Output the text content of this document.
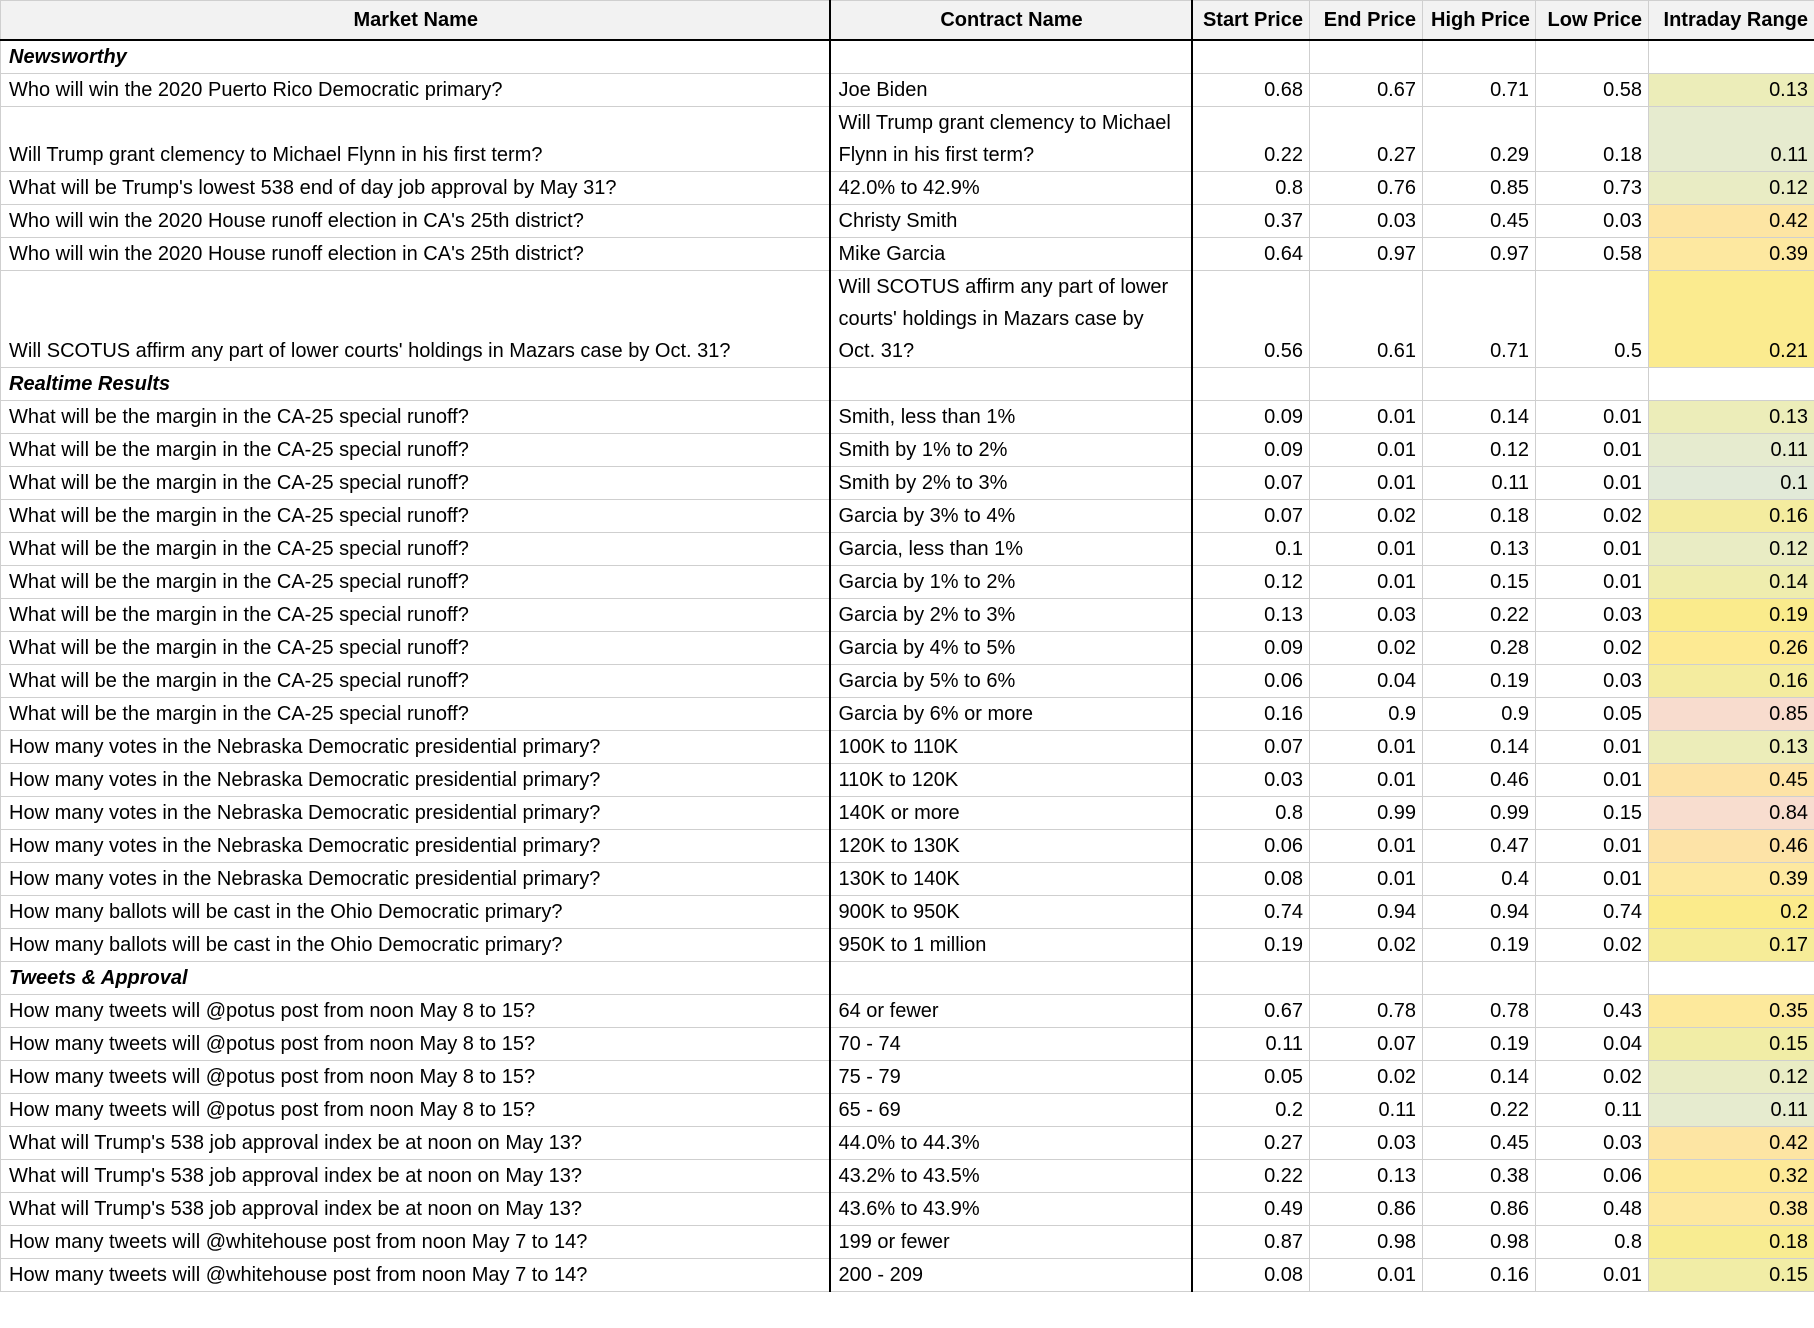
Market Name	Contract Name	Start Price	End Price	High Price	Low Price	Intraday Range
Newsworthy						
Who will win the 2020 Puerto Rico Democratic primary?	Joe Biden	0.68	0.67	0.71	0.58	0.13
Will Trump grant clemency to Michael Flynn in his first term?	Will Trump grant clemency to Michael Flynn in his first term?	0.22	0.27	0.29	0.18	0.11
What will be Trump's lowest 538 end of day job approval by May 31?	42.0% to 42.9%	0.8	0.76	0.85	0.73	0.12
Who will win the 2020 House runoff election in CA's 25th district?	Christy Smith	0.37	0.03	0.45	0.03	0.42
Who will win the 2020 House runoff election in CA's 25th district?	Mike Garcia	0.64	0.97	0.97	0.58	0.39
Will SCOTUS affirm any part of lower courts' holdings in Mazars case by Oct. 31?	Will SCOTUS affirm any part of lower courts' holdings in Mazars case by Oct. 31?	0.56	0.61	0.71	0.5	0.21
Realtime Results						
What will be the margin in the CA-25 special runoff?	Smith, less than 1%	0.09	0.01	0.14	0.01	0.13
What will be the margin in the CA-25 special runoff?	Smith by 1% to 2%	0.09	0.01	0.12	0.01	0.11
What will be the margin in the CA-25 special runoff?	Smith by 2% to 3%	0.07	0.01	0.11	0.01	0.1
What will be the margin in the CA-25 special runoff?	Garcia by 3% to 4%	0.07	0.02	0.18	0.02	0.16
What will be the margin in the CA-25 special runoff?	Garcia, less than 1%	0.1	0.01	0.13	0.01	0.12
What will be the margin in the CA-25 special runoff?	Garcia by 1% to 2%	0.12	0.01	0.15	0.01	0.14
What will be the margin in the CA-25 special runoff?	Garcia by 2% to 3%	0.13	0.03	0.22	0.03	0.19
What will be the margin in the CA-25 special runoff?	Garcia by 4% to 5%	0.09	0.02	0.28	0.02	0.26
What will be the margin in the CA-25 special runoff?	Garcia by 5% to 6%	0.06	0.04	0.19	0.03	0.16
What will be the margin in the CA-25 special runoff?	Garcia by 6% or more	0.16	0.9	0.9	0.05	0.85
How many votes in the Nebraska Democratic presidential primary?	100K to 110K	0.07	0.01	0.14	0.01	0.13
How many votes in the Nebraska Democratic presidential primary?	110K to 120K	0.03	0.01	0.46	0.01	0.45
How many votes in the Nebraska Democratic presidential primary?	140K or more	0.8	0.99	0.99	0.15	0.84
How many votes in the Nebraska Democratic presidential primary?	120K to 130K	0.06	0.01	0.47	0.01	0.46
How many votes in the Nebraska Democratic presidential primary?	130K to 140K	0.08	0.01	0.4	0.01	0.39
How many ballots will be cast in the Ohio Democratic primary?	900K to 950K	0.74	0.94	0.94	0.74	0.2
How many ballots will be cast in the Ohio Democratic primary?	950K to 1 million	0.19	0.02	0.19	0.02	0.17
Tweets & Approval						
How many tweets will @potus post from noon May 8 to 15?	64 or fewer	0.67	0.78	0.78	0.43	0.35
How many tweets will @potus post from noon May 8 to 15?	70 - 74	0.11	0.07	0.19	0.04	0.15
How many tweets will @potus post from noon May 8 to 15?	75 - 79	0.05	0.02	0.14	0.02	0.12
How many tweets will @potus post from noon May 8 to 15?	65 - 69	0.2	0.11	0.22	0.11	0.11
What will Trump's 538 job approval index be at noon on May 13?	44.0% to 44.3%	0.27	0.03	0.45	0.03	0.42
What will Trump's 538 job approval index be at noon on May 13?	43.2% to 43.5%	0.22	0.13	0.38	0.06	0.32
What will Trump's 538 job approval index be at noon on May 13?	43.6% to 43.9%	0.49	0.86	0.86	0.48	0.38
How many tweets will @whitehouse post from noon May 7 to 14?	199 or fewer	0.87	0.98	0.98	0.8	0.18
How many tweets will @whitehouse post from noon May 7 to 14?	200 - 209	0.08	0.01	0.16	0.01	0.15
